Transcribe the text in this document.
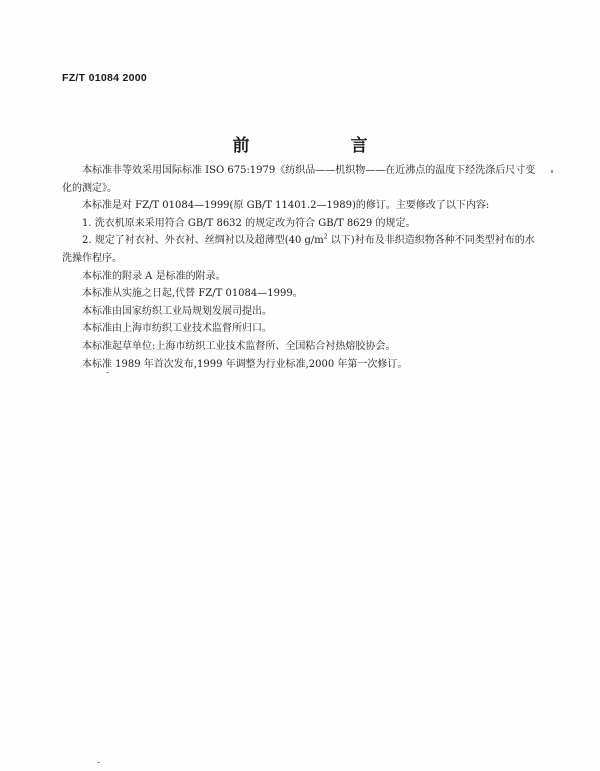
FZ/T 01084 2000
前　言

本标准非等效采用国际标准 ISO 675:1979《纺织品——机织物——在近沸点的温度下经洗涤后尺寸变化的测定》。

本标准是对 FZ/T 01084—1999(原 GB/T 11401.2—1989)的修订。主要修改了以下内容:

1. 洗衣机原来采用符合 GB/T 8632 的规定改为符合 GB/T 8629 的规定。

2. 规定了衬衣衬、外衣衬、丝绸衬以及超薄型(40 $g/m^2$ 以下)衬布及非织造织物各种不同类型衬布的水洗操作程序。

本标准的附录 A 是标准的附录。

本标准从实施之日起,代替 FZ/T 01084—1999。

本标准由国家纺织工业局规划发展司提出。

本标准由上海市纺织工业技术监督所归口。

本标准起草单位:上海市纺织工业技术监督所、全国粘合衬热熔胶协会。

本标准 1989 年首次发布,1999 年调整为行业标准,2000 年第一次修订。
